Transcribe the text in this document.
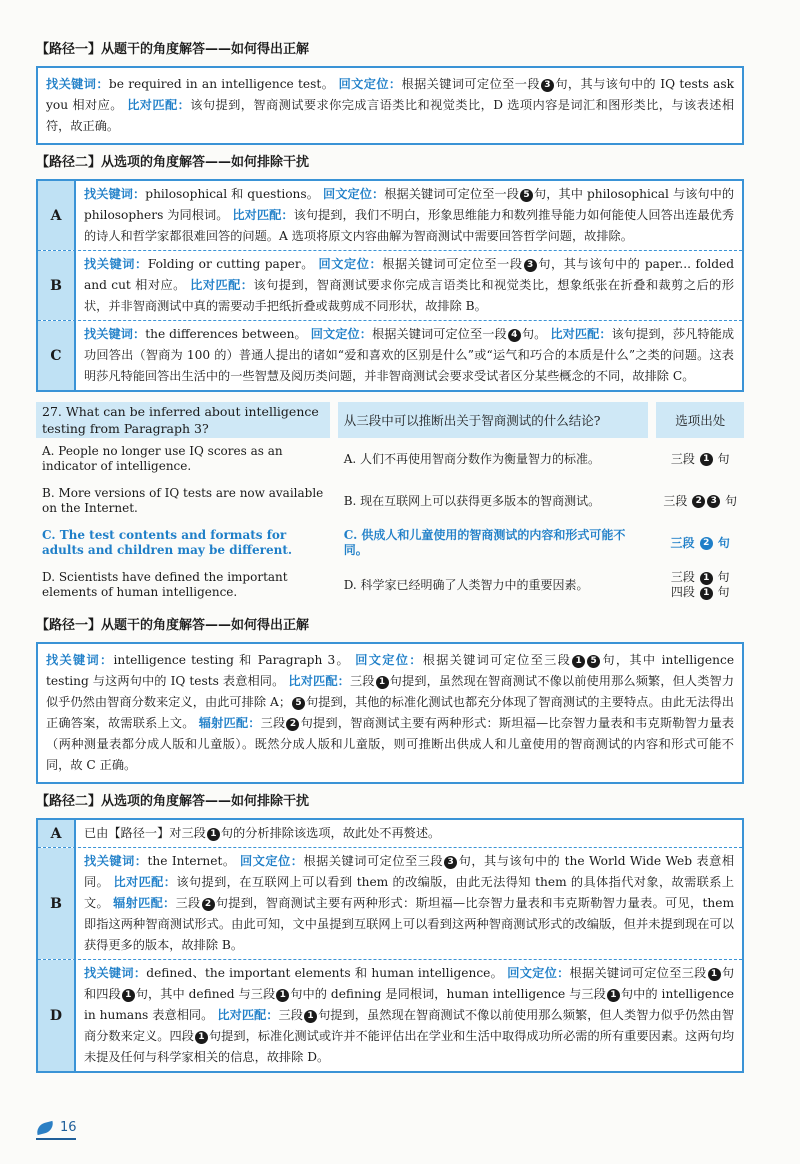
【路径一】从题干的角度解答——如何得出正解
找关键词：be required in an intelligence test。 回文定位：根据关键词可定位至一段 3 句，其与该句中的 IQ tests ask you 相对应。 比对匹配：该句提到，智商测试要求你完成言语类比和视觉类比，D 选项内容是词汇和图形类比，与该表述相符，故正确。
【路径二】从选项的角度解答——如何排除干扰
A
找关键词：philosophical 和 questions。 回文定位：根据关键词可定位至一段 5 句，其中 philosophical 与该句中的 philosophers 为同根词。 比对匹配：该句提到，我们不明白，形象思维能力和数列推导能力如何能使人回答出连最优秀的诗人和哲学家都很难回答的问题。A 选项将原文内容曲解为智商测试中需要回答哲学问题，故排除。
B
找关键词：Folding or cutting paper。 回文定位：根据关键词可定位至一段 3 句，其与该句中的 paper... folded and cut 相对应。 比对匹配：该句提到，智商测试要求你完成言语类比和视觉类比，想象纸张在折叠和裁剪之后的形状，并非智商测试中真的需要动手把纸折叠或裁剪成不同形状，故排除 B。
C
找关键词：the differences between。 回文定位：根据关键词可定位至一段 4 句。 比对匹配：该句提到，莎凡特能成功回答出（智商为 100 的）普通人提出的诸如“爱和喜欢的区别是什么”或“运气和巧合的本质是什么”之类的问题。这表明莎凡特能回答出生活中的一些智慧及阅历类问题，并非智商测试会要求受试者区分某些概念的不同，故排除 C。
27. What can be inferred about intelligence testing from Paragraph 3?
A. People no longer use IQ scores as an indicator of intelligence.
B. More versions of IQ tests are now available on the Internet.
C. The test contents and formats for adults and children may be different.
D. Scientists have defined the important elements of human intelligence.
从三段中可以推断出关于智商测试的什么结论?
A. 人们不再使用智商分数作为衡量智力的标准。
B. 现在互联网上可以获得更多版本的智商测试。
C. 供成人和儿童使用的智商测试的内容和形式可能不同。
D. 科学家已经明确了人类智力中的重要因素。
选项出处
三段
1
句
三段
2 3
句
三段
2
句
三段 1 句
四段 1 句
【路径一】从题干的角度解答——如何得出正解
找关键词：intelligence testing 和 Paragraph 3。 回文定位：根据关键词可定位至三段 1 5 句，其中 intelligence testing 与这两句中的 IQ tests 表意相同。 比对匹配：三段 1 句提到，虽然现在智商测试不像以前使用那么频繁，但人类智力似乎仍然由智商分数来定义，由此可排除 A； 5 句提到，其他的标准化测试也都充分体现了智商测试的主要特点。由此无法得出正确答案，故需联系上文。 辐射匹配：三段 2 句提到，智商测试主要有两种形式：斯坦福—比奈智力量表和韦克斯勒智力量表（两种测量表都分成人版和儿童版）。既然分成人版和儿童版，则可推断出供成人和儿童使用的智商测试的内容和形式可能不同，故 C 正确。
【路径二】从选项的角度解答——如何排除干扰
A	已由【路径一】对三段 1 句的分析排除该选项，故此处不再赘述。
B
找关键词：the Internet。 回文定位：根据关键词可定位至三段 3 句，其与该句中的 the World Wide Web 表意相同。 比对匹配：该句提到，在互联网上可以看到 them 的改编版，由此无法得知 them 的具体指代对象，故需联系上文。 辐射匹配：三段 2 句提到，智商测试主要有两种形式：斯坦福—比奈智力量表和韦克斯勒智力量表。可见，them 即指这两种智商测试形式。由此可知，文中虽提到互联网上可以看到这两种智商测试形式的改编版，但并未提到现在可以获得更多的版本，故排除 B。
D
找关键词：defined、the important elements 和 human intelligence。 回文定位：根据关键词可定位至三段 1 句和四段 1 句，其中 defined 与三段 1 句中的 defining 是同根词，human intelligence 与三段 1 句中的 intelligence in humans 表意相同。 比对匹配：三段 1 句提到，虽然现在智商测试不像以前使用那么频繁，但人类智力似乎仍然由智商分数来定义。四段 1 句提到，标准化测试或许并不能评估出在学业和生活中取得成功所必需的所有重要因素。这两句均未提及任何与科学家相关的信息，故排除 D。
16
